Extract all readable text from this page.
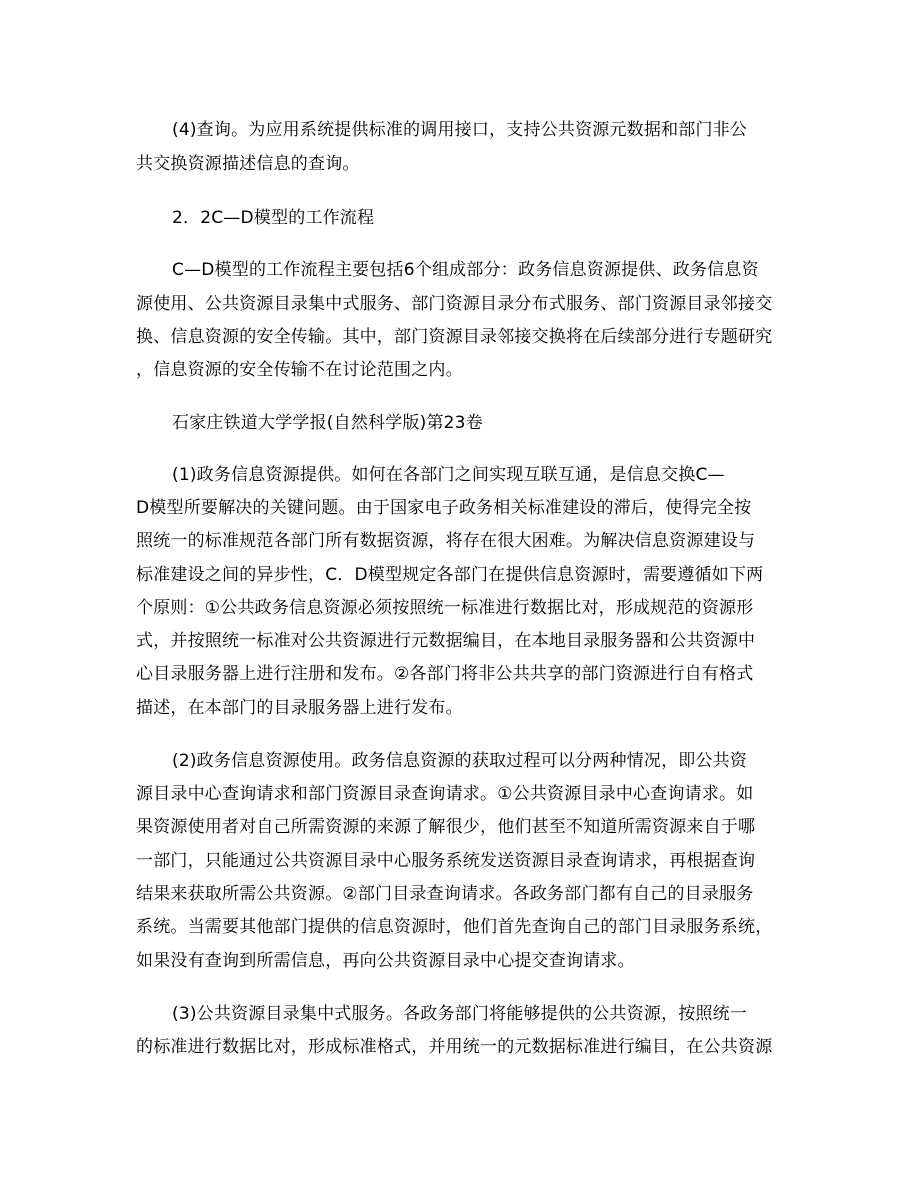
(4)查询。为应用系统提供标准的调用接口，支持公共资源元数据和部门非公
共交换资源描述信息的查询。
2．2C—D模型的工作流程
C—D模型的工作流程主要包括6个组成部分：政务信息资源提供、政务信息资
源使用、公共资源目录集中式服务、部门资源目录分布式服务、部门资源目录邻接交
换、信息资源的安全传输。其中，部门资源目录邻接交换将在后续部分进行专题研究
，信息资源的安全传输不在讨论范围之内。
石家庄铁道大学学报(自然科学版)第23卷
(1)政务信息资源提供。如何在各部门之间实现互联互通，是信息交换C—
D模型所要解决的关键问题。由于国家电子政务相关标准建设的滞后，使得完全按
照统一的标准规范各部门所有数据资源，将存在很大困难。为解决信息资源建设与
标准建设之间的异步性，C．D模型规定各部门在提供信息资源时，需要遵循如下两
个原则：①公共政务信息资源必须按照统一标准进行数据比对，形成规范的资源形
式，并按照统一标准对公共资源进行元数据编目，在本地目录服务器和公共资源中
心目录服务器上进行注册和发布。②各部门将非公共共享的部门资源进行自有格式
描述，在本部门的目录服务器上进行发布。
(2)政务信息资源使用。政务信息资源的获取过程可以分两种情况，即公共资
源目录中心查询请求和部门资源目录查询请求。①公共资源目录中心查询请求。如
果资源使用者对自己所需资源的来源了解很少，他们甚至不知道所需资源来自于哪
一部门，只能通过公共资源目录中心服务系统发送资源目录查询请求，再根据查询
结果来获取所需公共资源。②部门目录查询请求。各政务部门都有自己的目录服务
系统。当需要其他部门提供的信息资源时，他们首先查询自己的部门目录服务系统，
如果没有查询到所需信息，再向公共资源目录中心提交查询请求。
(3)公共资源目录集中式服务。各政务部门将能够提供的公共资源，按照统一
的标准进行数据比对，形成标准格式，并用统一的元数据标准进行编目，在公共资源
